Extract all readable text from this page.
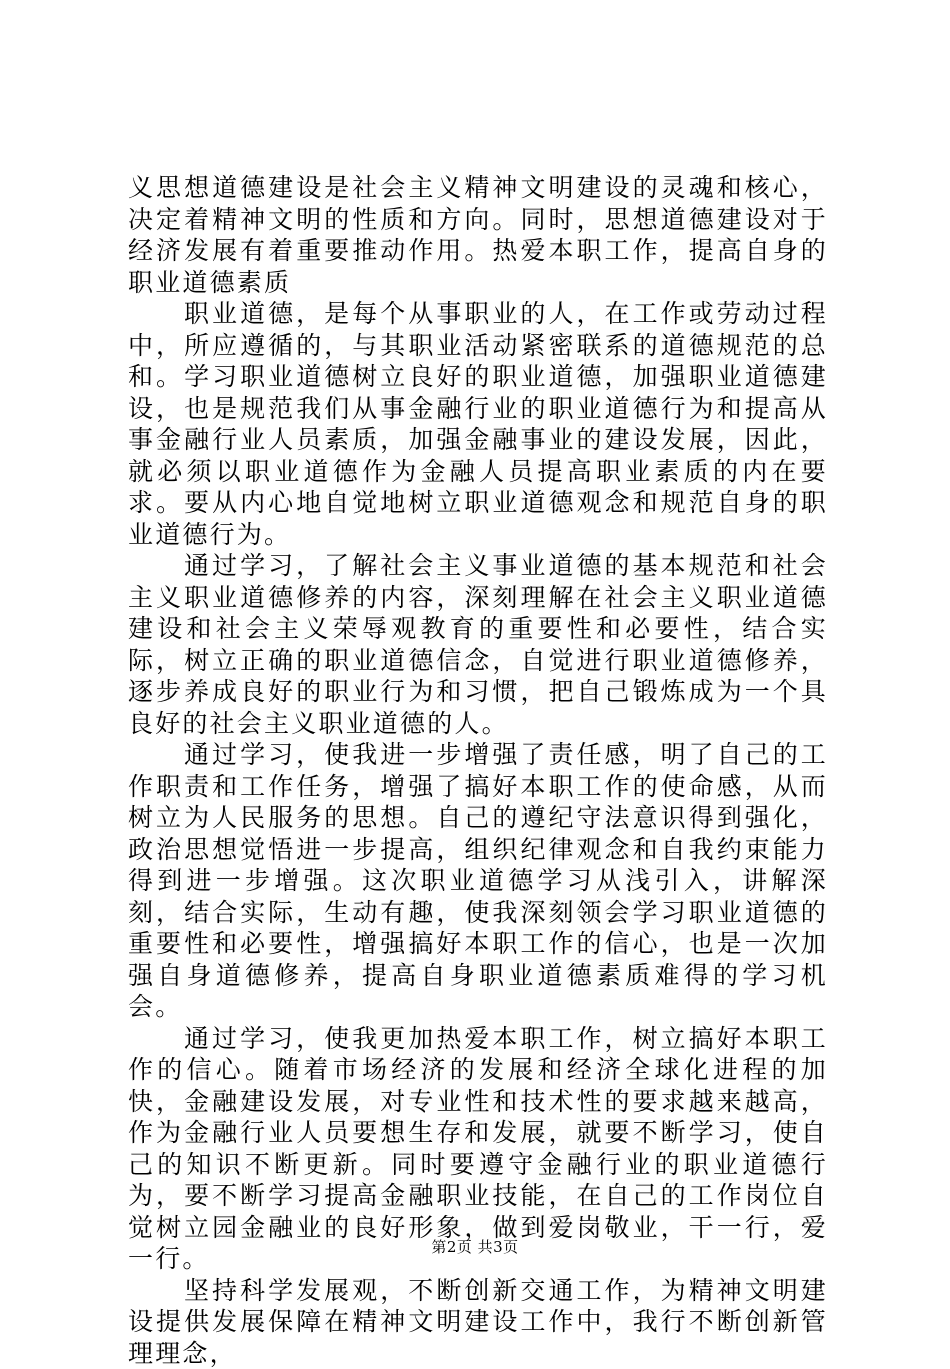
义思想道德建设是社会主义精神文明建设的灵魂和核心，决定着精神文明的性质和方向。同时，思想道德建设对于经济发展有着重要推动作用。热爱本职工作，提高自身的职业道德素质

职业道德，是每个从事职业的人，在工作或劳动过程中，所应遵循的，与其职业活动紧密联系的道德规范的总和。学习职业道德树立良好的职业道德，加强职业道德建设，也是规范我们从事金融行业的职业道德行为和提高从事金融行业人员素质，加强金融事业的建设发展，因此，就必须以职业道德作为金融人员提高职业素质的内在要求。要从内心地自觉地树立职业道德观念和规范自身的职业道德行为。

通过学习，了解社会主义事业道德的基本规范和社会主义职业道德修养的内容，深刻理解在社会主义职业道德建设和社会主义荣辱观教育的重要性和必要性，结合实际，树立正确的职业道德信念，自觉进行职业道德修养，逐步养成良好的职业行为和习惯，把自己锻炼成为一个具良好的社会主义职业道德的人。

通过学习，使我进一步增强了责任感，明了自己的工作职责和工作任务，增强了搞好本职工作的使命感，从而树立为人民服务的思想。自己的遵纪守法意识得到强化，政治思想觉悟进一步提高，组织纪律观念和自我约束能力得到进一步增强。这次职业道德学习从浅引入，讲解深刻，结合实际，生动有趣，使我深刻领会学习职业道德的重要性和必要性，增强搞好本职工作的信心，也是一次加强自身道德修养，提高自身职业道德素质难得的学习机会。

通过学习，使我更加热爱本职工作，树立搞好本职工作的信心。随着市场经济的发展和经济全球化进程的加快，金融建设发展，对专业性和技术性的要求越来越高，作为金融行业人员要想生存和发展，就要不断学习，使自己的知识不断更新。同时要遵守金融行业的职业道德行为，要不断学习提高金融职业技能，在自己的工作岗位自觉树立园金融业的良好形象，做到爱岗敬业，干一行，爱一行。

坚持科学发展观，不断创新交通工作，为精神文明建设提供发展保障在精神文明建设工作中，我行不断创新管理理念，

第2页 共3页
